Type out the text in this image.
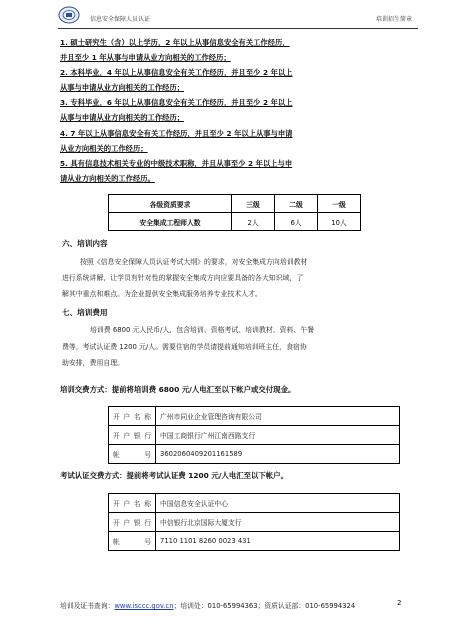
信息安全保障人员认证	培训招生简章
1. 硕士研究生（含）以上学历，2 年以上从事信息安全有关工作经历，
并且至少 1 年从事与申请从业方向相关的工作经历；
2. 本科毕业，4 年以上从事信息安全有关工作经历，并且至少 2 年以上
从事与申请从业方向相关的工作经历；
3. 专科毕业，6 年以上从事信息安全有关工作经历，并且至少 2 年以上
从事与申请从业方向相关的工作经历；
4. 7 年以上从事信息安全有关工作经历，并且至少 2 年以上从事与申请
从业方向相关的工作经历；
5. 具有信息技术相关专业的中级技术职称，并且从事至少 2 年以上与申
请从业方向相关的工作经历。
各级资质要求	三级	二级	一级
安全集成工程师人数	2人	6人	10人
六、培训内容
按照《信息安全保障人员认证考试大纲》的要求，对安全集成方向培训教材
进行系统讲解，让学员有针对性的掌握安全集成方向应要具备的各大知识域，了
解其中重点和难点。为企业提供安全集成服务培养专业技术人才。
七、培训费用
培训费 6800 元人民币/人，包含培训、资格考试、培训教材、资料、午餐
费等，考试认证费 1200 元/人。需要住宿的学员请提前通知培训班主任，食宿协
助安排，费用自理。
培训交费方式：提前将培训费 6800 元/人电汇至以下帐户或交付现金。
开户名称	广州市同业企业管理咨询有限公司
开户银行	中国工商银行广州江南西路支行
帐号	3602060409201161589
考试认证交费方式：提前将考试认证费 1200 元/人电汇至以下帐户。
开户名称	中国信息安全认证中心
开户银行	中信银行北京国际大厦支行
帐号	7110 1101 8260 0023 431
培训及证书查询：www.isccc.gov.cn；培训处：010-65994363；资质认证部：010-65994324	2
